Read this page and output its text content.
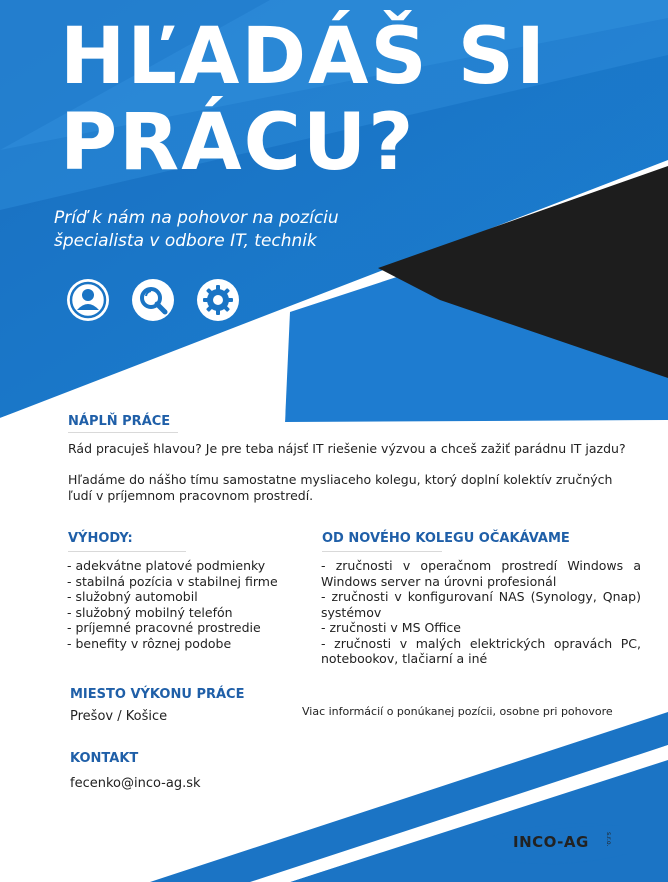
HĽADÁŠ SI
PRÁCU?
Príď k nám na pohovor na pozíciu
špecialista v odbore IT, technik
NÁPLŇ PRÁCE
Rád pracuješ hlavou? Je pre teba nájsť IT riešenie výzvou a chceš zažiť parádnu IT jazdu?
Hľadáme do nášho tímu samostatne mysliaceho kolegu, ktorý doplní kolektív zručných ľudí v príjemnom pracovnom prostredí.
VÝHODY:
- adekvátne platové podmienky
- stabilná pozícia v stabilnej firme
- služobný automobil
- služobný mobilný telefón
- príjemné pracovné prostredie
- benefity v rôznej podobe
OD NOVÉHO KOLEGU OČAKÁVAME
- zručnosti v operačnom prostredí Windows a Windows server na úrovni profesionál
- zručnosti v konfigurovaní NAS (Synology, Qnap) systémov
- zručnosti v MS Office
- zručnosti v malých elektrických opravách PC, notebookov, tlačiarní a iné
MIESTO VÝKONU PRÁCE
Prešov / Košice	Viac informácií o ponúkanej pozícii, osobne pri pohovore
KONTAKT
fecenko@inco-ag.sk
INCO-AG	s.r.o.
